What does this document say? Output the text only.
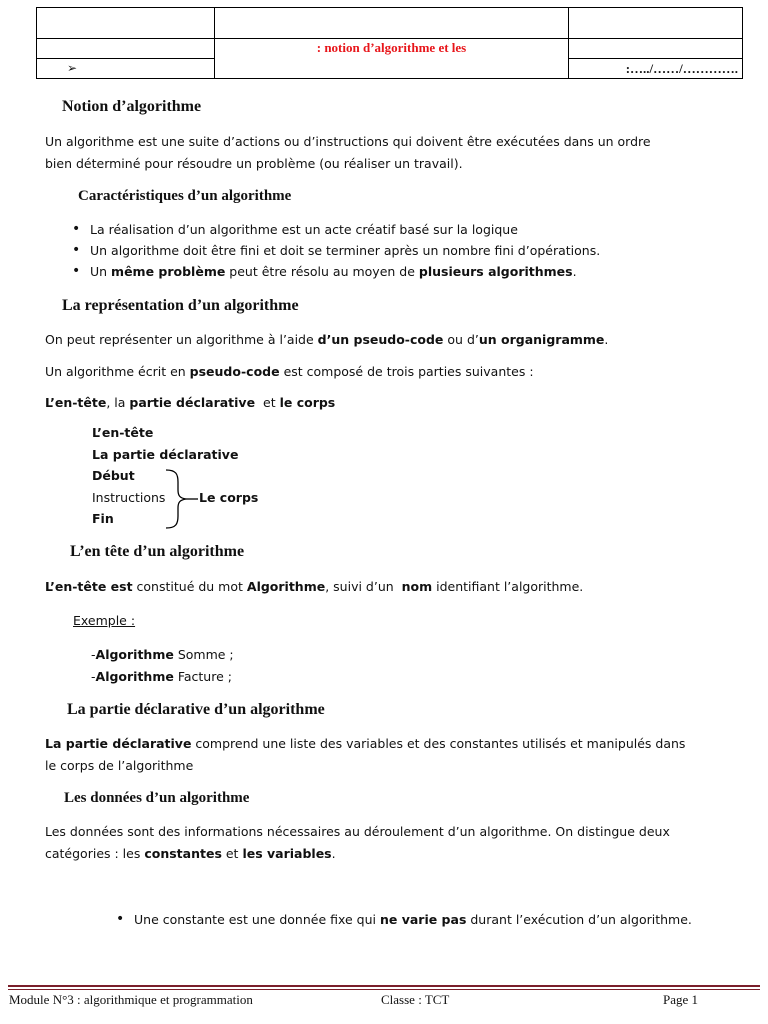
	: notion d’algorithme et les	
➢		:…../……/………….
Notion d’algorithme

Un algorithme est une suite d’actions ou d’instructions qui doivent être exécutées dans un ordre
bien déterminé pour résoudre un problème (ou réaliser un travail).

Caractéristiques d’un algorithme
• La réalisation d’un algorithme est un acte créatif basé sur la logique
• Un algorithme doit être fini et doit se terminer après un nombre fini d’opérations.
• Un même problème peut être résolu au moyen de plusieurs algorithmes.
La représentation d’un algorithme

On peut représenter un algorithme à l’aide d’un pseudo-code ou d’un organigramme.

Un algorithme écrit en pseudo-code est composé de trois parties suivantes :

L’en-tête, la partie déclarative  et le corps

L’en-tête
La partie déclarative
Début
Instructions
Fin
Le corps
L’en tête d’un algorithme

L’en-tête est constitué du mot Algorithme, suivi d’un  nom identifiant l’algorithme.

Exemple :

-Algorithme Somme ;
-Algorithme Facture ;

La partie déclarative d’un algorithme

La partie déclarative comprend une liste des variables et des constantes utilisés et manipulés dans
le corps de l’algorithme

Les données d’un algorithme

Les données sont des informations nécessaires au déroulement d’un algorithme. On distingue deux
catégories : les constantes et les variables.

• Une constante est une donnée fixe qui ne varie pas durant l’exécution d’un algorithme.
Module N°3 : algorithmique et programmation	Classe : TCT	Page 1
